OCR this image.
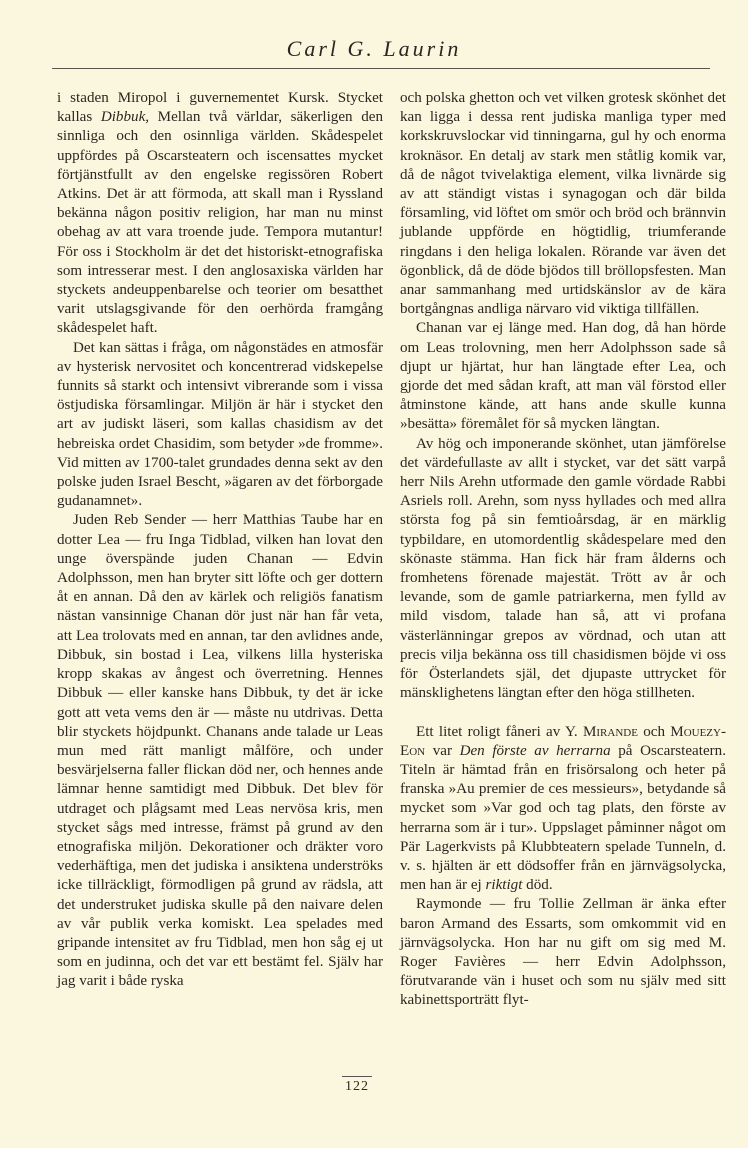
Carl G. Laurin

i staden Miropol i guvernementet Kursk. Stycket kallas Dibbuk, Mellan två världar, säkerligen den sinnliga och den osinnliga världen. Skådespelet uppfördes på Oscarsteatern och iscensattes mycket förtjänstfullt av den engelske regissören Robert Atkins. Det är att förmoda, att skall man i Ryssland bekänna någon positiv religion, har man nu minst obehag av att vara troende jude. Tempora mutantur! För oss i Stockholm är det det historiskt-etnografiska som intresserar mest. I den anglosaxiska världen har styckets andeuppenbarelse och teorier om besatthet varit utslagsgivande för den oerhörda framgång skådespelet haft.

Det kan sättas i fråga, om någonstädes en atmosfär av hysterisk nervositet och koncentrerad vidskepelse funnits så starkt och intensivt vibrerande som i vissa östjudiska församlingar. Miljön är här i stycket den art av judiskt läseri, som kallas chasidism av det hebreiska ordet Chasidim, som betyder »de fromme». Vid mitten av 1700-talet grundades denna sekt av den polske juden Israel Bescht, »ägaren av det förborgade gudanamnet».

Juden Reb Sender — herr Matthias Taube har en dotter Lea — fru Inga Tidblad, vilken han lovat den unge överspände juden Chanan — Edvin Adolphsson, men han bryter sitt löfte och ger dottern åt en annan. Då den av kärlek och religiös fanatism nästan vansinnige Chanan dör just när han får veta, att Lea trolovats med en annan, tar den avlidnes ande, Dibbuk, sin bostad i Lea, vilkens lilla hysteriska kropp skakas av ångest och överretning. Hennes Dibbuk — eller kanske hans Dibbuk, ty det är icke gott att veta vems den är — måste nu utdrivas. Detta blir styckets höjdpunkt. Chanans ande talade ur Leas mun med rätt manligt målföre, och under besvärjelserna faller flickan död ner, och hennes ande lämnar henne samtidigt med Dibbuk. Det blev för utdraget och plågsamt med Leas nervösa kris, men stycket sågs med intresse, främst på grund av den etnografiska miljön. Dekorationer och dräkter voro vederhäftiga, men det judiska i ansiktena underströks icke tillräckligt, förmodligen på grund av rädsla, att det understruket judiska skulle på den naivare delen av vår publik verka komiskt. Lea spelades med gripande intensitet av fru Tidblad, men hon såg ej ut som en judinna, och det var ett bestämt fel. Själv har jag varit i både ryska

och polska ghetton och vet vilken grotesk skönhet det kan ligga i dessa rent judiska manliga typer med korkskruvslockar vid tinningarna, gul hy och enorma kroknäsor. En detalj av stark men ståtlig komik var, då de något tvivelaktiga element, vilka livnärde sig av att ständigt vistas i synagogan och där bilda församling, vid löftet om smör och bröd och brännvin jublande uppförde en högtidlig, triumferande ringdans i den heliga lokalen. Rörande var även det ögonblick, då de döde bjödos till bröllopsfesten. Man anar sammanhang med urtidskänslor av de kära bortgångnas andliga närvaro vid viktiga tillfällen.

Chanan var ej länge med. Han dog, då han hörde om Leas trolovning, men herr Adolphsson sade så djupt ur hjärtat, hur han längtade efter Lea, och gjorde det med sådan kraft, att man väl förstod eller åtminstone kände, att hans ande skulle kunna »besätta» föremålet för så mycken längtan.

Av hög och imponerande skönhet, utan jämförelse det värdefullaste av allt i stycket, var det sätt varpå herr Nils Arehn utformade den gamle vördade Rabbi Asriels roll. Arehn, som nyss hyllades och med allra största fog på sin femtioårsdag, är en märklig typbildare, en utomordentlig skådespelare med den skönaste stämma. Han fick här fram ålderns och fromhetens förenade majestät. Trött av år och levande, som de gamle patriarkerna, men fylld av mild visdom, talade han så, att vi profana västerlänningar grepos av vördnad, och utan att precis vilja bekänna oss till chasidismen böjde vi oss för Österlandets själ, det djupaste uttrycket för mänsklighetens längtan efter den höga stillheten.

Ett litet roligt fåneri av Y. Mirande och Mouezy-Eon var Den förste av herrarna på Oscarsteatern. Titeln är hämtad från en frisörsalong och heter på franska »Au premier de ces messieurs», betydande så mycket som »Var god och tag plats, den förste av herrarna som är i tur». Uppslaget påminner något om Pär Lagerkvists på Klubbteatern spelade Tunneln, d. v. s. hjälten är ett dödsoffer från en järnvägsolycka, men han är ej riktigt död.

Raymonde — fru Tollie Zellman är änka efter baron Armand des Essarts, som omkommit vid en järnvägsolycka. Hon har nu gift om sig med M. Roger Favières — herr Edvin Adolphsson, förutvarande vän i huset och som nu själv med sitt kabinettsporträtt flyt-

122
